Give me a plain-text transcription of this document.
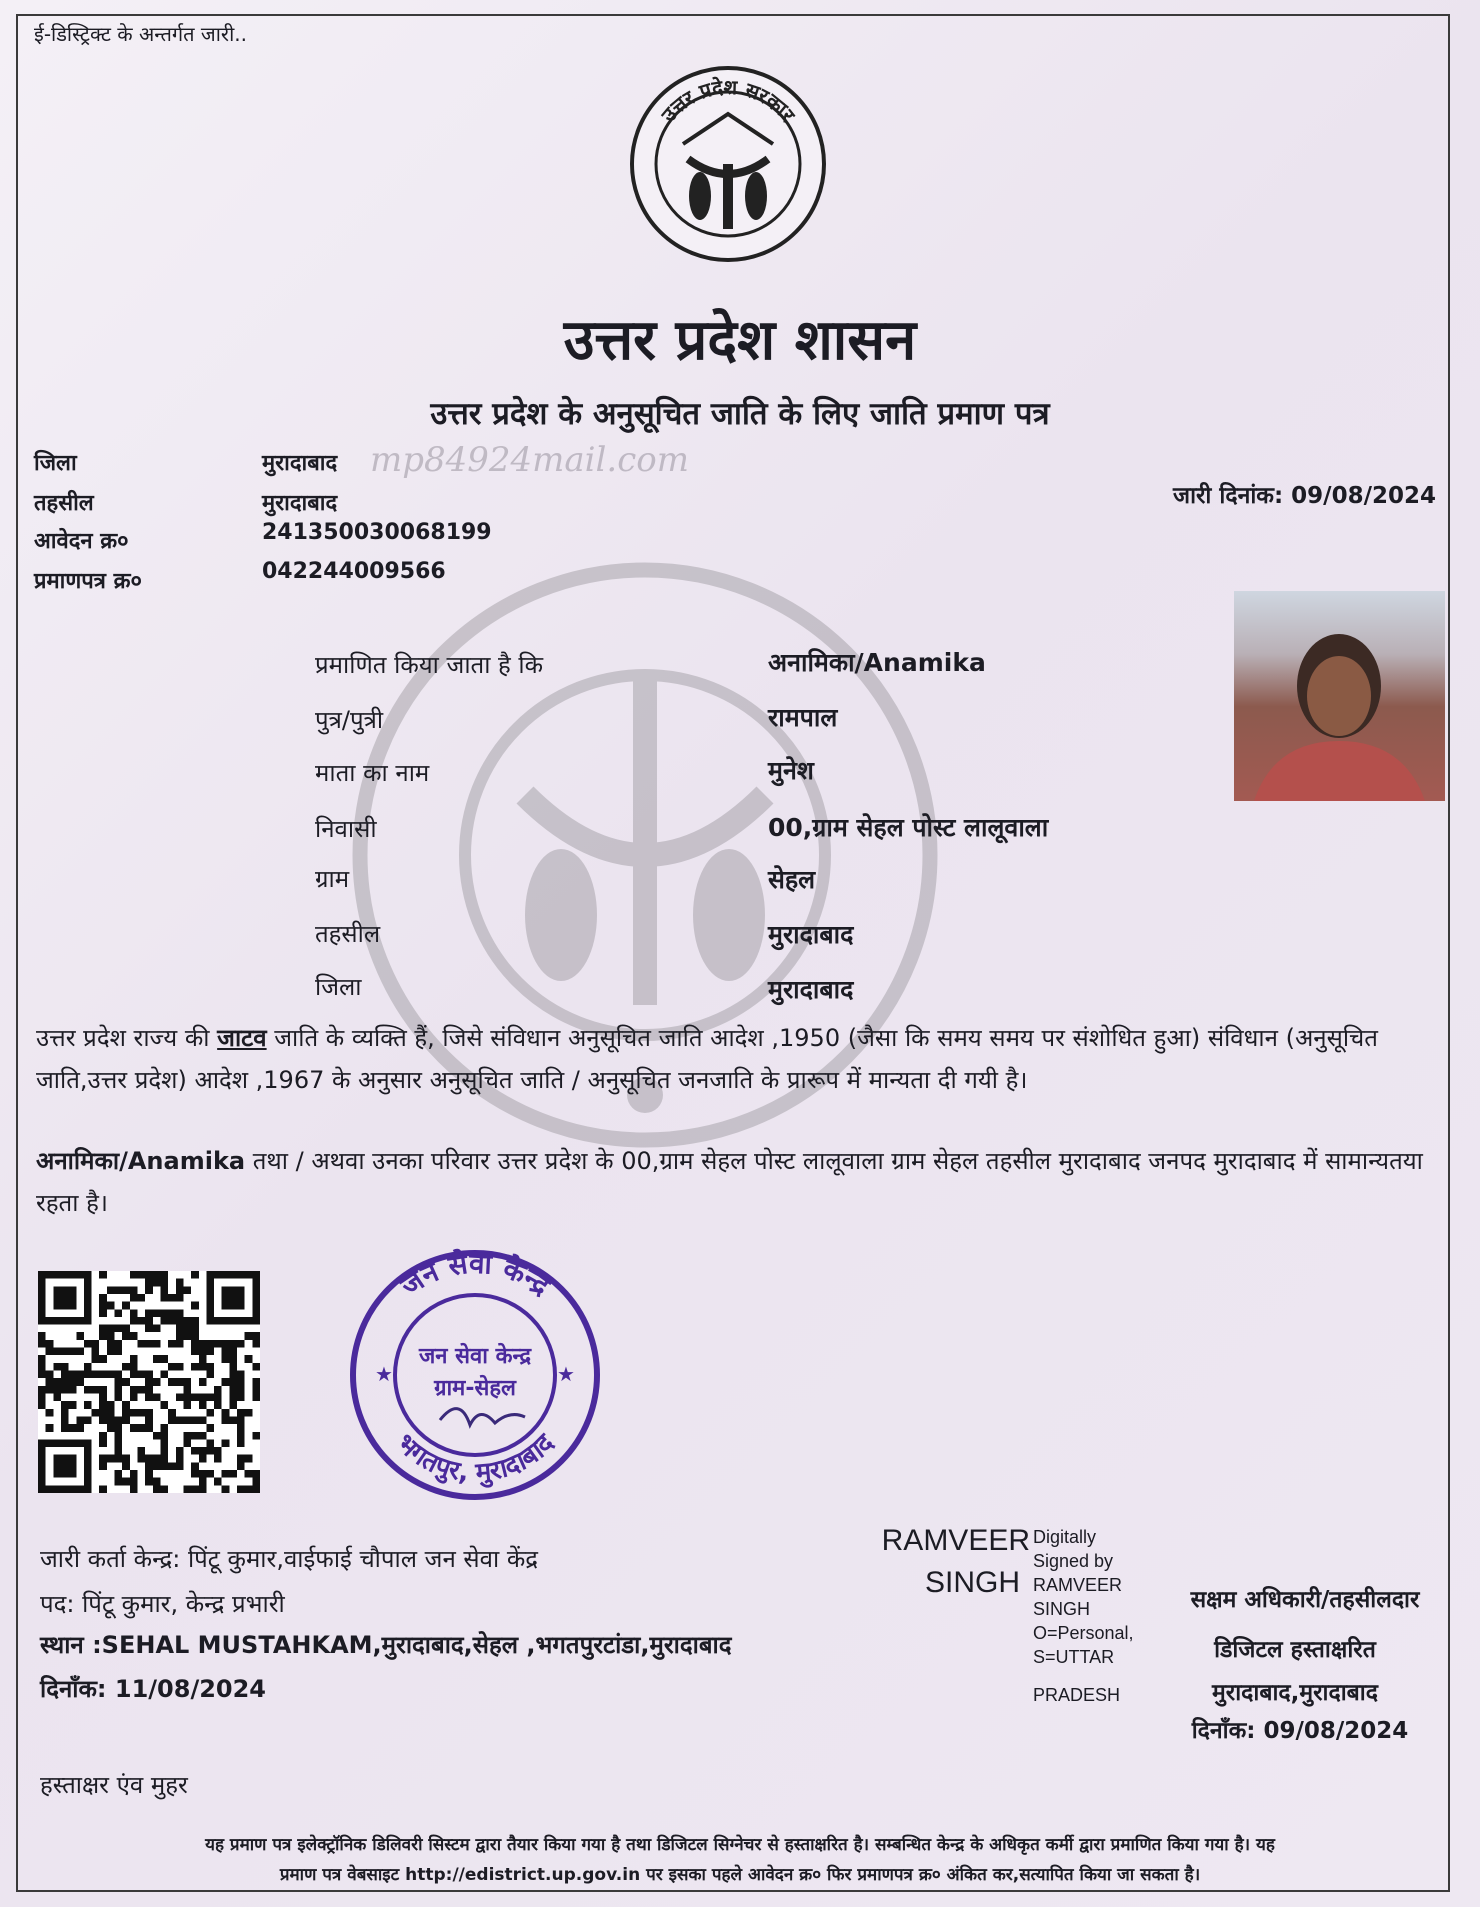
ई-डिस्ट्रिक्ट के अन्तर्गत जारी..
उत्तर प्रदेश सरकार
उत्तर प्रदेश शासन
उत्तर प्रदेश के अनुसूचित जाति के लिए जाति प्रमाण पत्र
mp84924mail.com
जिला	मुरादाबाद
तहसील	मुरादाबाद
आवेदन क्र०	241350030068199
प्रमाणपत्र क्र०	042244009566
जारी दिनांक: 09/08/2024
प्रमाणित किया जाता है कि	अनामिका/Anamika
पुत्र/पुत्री	रामपाल
माता का नाम	मुनेश
निवासी	00,ग्राम सेहल पोस्ट लालूवाला
ग्राम	सेहल
तहसील	मुरादाबाद
जिला	मुरादाबाद
उत्तर प्रदेश राज्य की जाटव जाति के व्यक्ति हैं, जिसे संविधान अनुसूचित जाति आदेश ,1950 (जैसा कि समय समय पर संशोधित हुआ) संविधान (अनुसूचित जाति,उत्तर प्रदेश) आदेश ,1967 के अनुसार अनुसूचित जाति / अनुसूचित जनजाति के प्रारूप में मान्यता दी गयी है।
अनामिका/Anamika तथा / अथवा उनका परिवार उत्तर प्रदेश के 00,ग्राम सेहल पोस्ट लालूवाला ग्राम सेहल तहसील मुरादाबाद जनपद मुरादाबाद में सामान्यतया रहता है।
जन सेवा केन्द्र
भगतपुर, मुरादाबाद
जन सेवा केन्द्र
ग्राम-सेहल
★	★
जारी कर्ता केन्द्र: पिंटू कुमार,वाईफाई चौपाल जन सेवा केंद्र
पद: पिंटू कुमार, केन्द्र प्रभारी
स्थान :SEHAL MUSTAHKAM,मुरादाबाद,सेहल ,भगतपुरटांडा,मुरादाबाद
दिनॉंक: 11/08/2024
हस्ताक्षर एंव मुहर
RAMVEER
SINGH
Digitally
Signed by
RAMVEER
SINGH
O=Personal,
S=UTTAR
PRADESH
सक्षम अधिकारी/तहसीलदार
डिजिटल हस्ताक्षरित
मुरादाबाद,मुरादाबाद
दिनॉंक: 09/08/2024
यह प्रमाण पत्र इलेक्ट्रॉनिक डिलिवरी सिस्टम द्वारा तैयार किया गया है तथा डिजिटल सिग्नेचर से हस्ताक्षरित है। सम्बन्धित केन्द्र के अधिकृत कर्मी द्वारा प्रमाणित किया गया है। यह
प्रमाण पत्र वेबसाइट http://edistrict.up.gov.in पर इसका पहले आवेदन क्र० फिर प्रमाणपत्र क्र० अंकित कर,सत्यापित किया जा सकता है।
